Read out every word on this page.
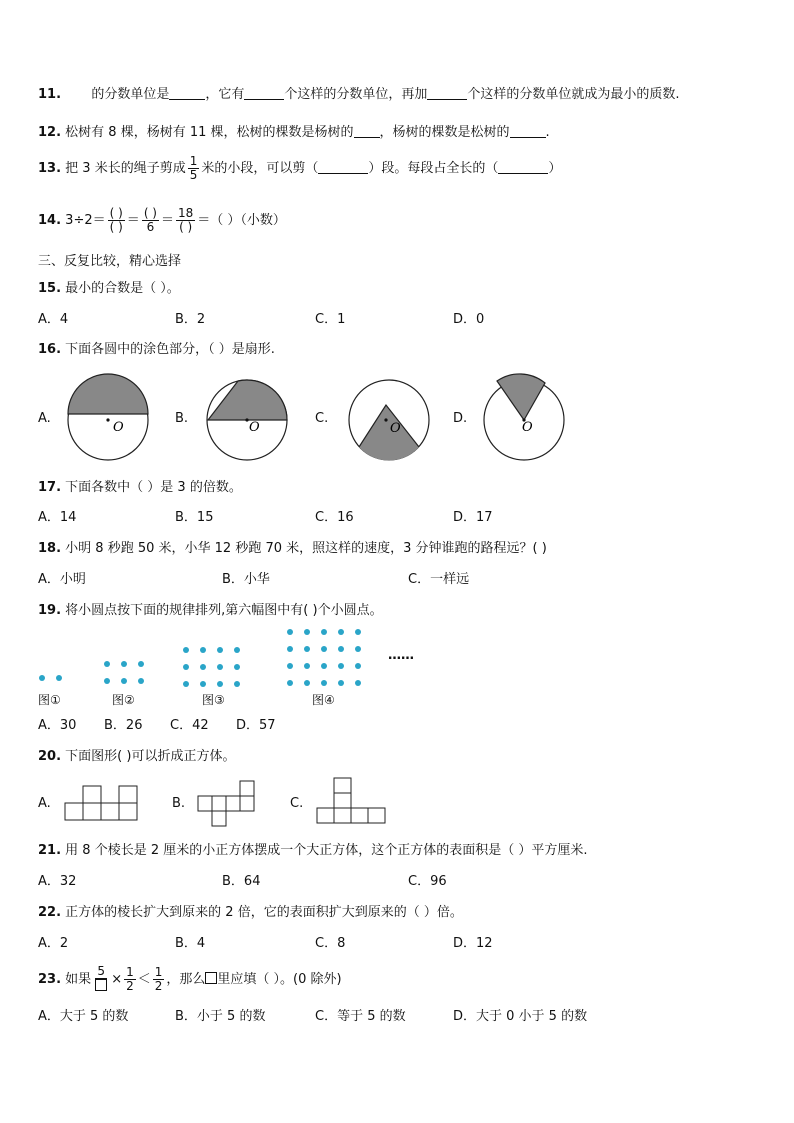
11. 的分数单位是	，它有	个这样的分数单位，再加	个这样的分数单位就成为最小的质数.
12. 松树有 8 棵，杨树有 11 棵，松树的棵数是杨树的 ，杨树的棵数是松树的	.
13. 把 3 米长的绳子剪成 $\frac{1}{5}$ 米的小段，可以剪（	）段。每段占全长的（	）
14. $3\div 2= \frac{( )}{( )} = \frac{( )}{6} = \frac{18}{( )}$ ＝（ ）（小数）
三、反复比较，精心选择
15. 最小的合数是（ ）。
A．4	B．2	C．1	D．0
16. 下面各圆中的涂色部分，（ ）是扇形.
A.	B.	C.	D.
O	O	O	O
17. 下面各数中（ ）是 3 的倍数。
A．14	B．15	C．16	D．17
18. 小明 8 秒跑 50 米，小华 12 秒跑 70 米，照这样的速度，3 分钟谁跑的路程远？( )
A．小明	B．小华	C．一样远
19. 将小圆点按下面的规律排列,第六幅图中有( )个小圆点。
……
图①	图②	图③	图④
A．30 B．26 C．42 D．57
20. 下面图形( )可以折成正方体。
A.	B.	C.
21. 用 8 个棱长是 2 厘米的小正方体摆成一个大正方体，这个正方体的表面积是（ ）平方厘米.
A．32	B．64	C．96
22. 正方体的棱长扩大到原来的 2 倍，它的表面积扩大到原来的（ ）倍。
A．2	B．4	C．8	D．12
23. 如果
5
× $\frac{1}{2} < \frac{1}{2}$ ，那么 里应填（ ）。(0 除外)
A．大于 5 的数	B．小于 5 的数	C．等于 5 的数	D．大于 0 小于 5 的数
